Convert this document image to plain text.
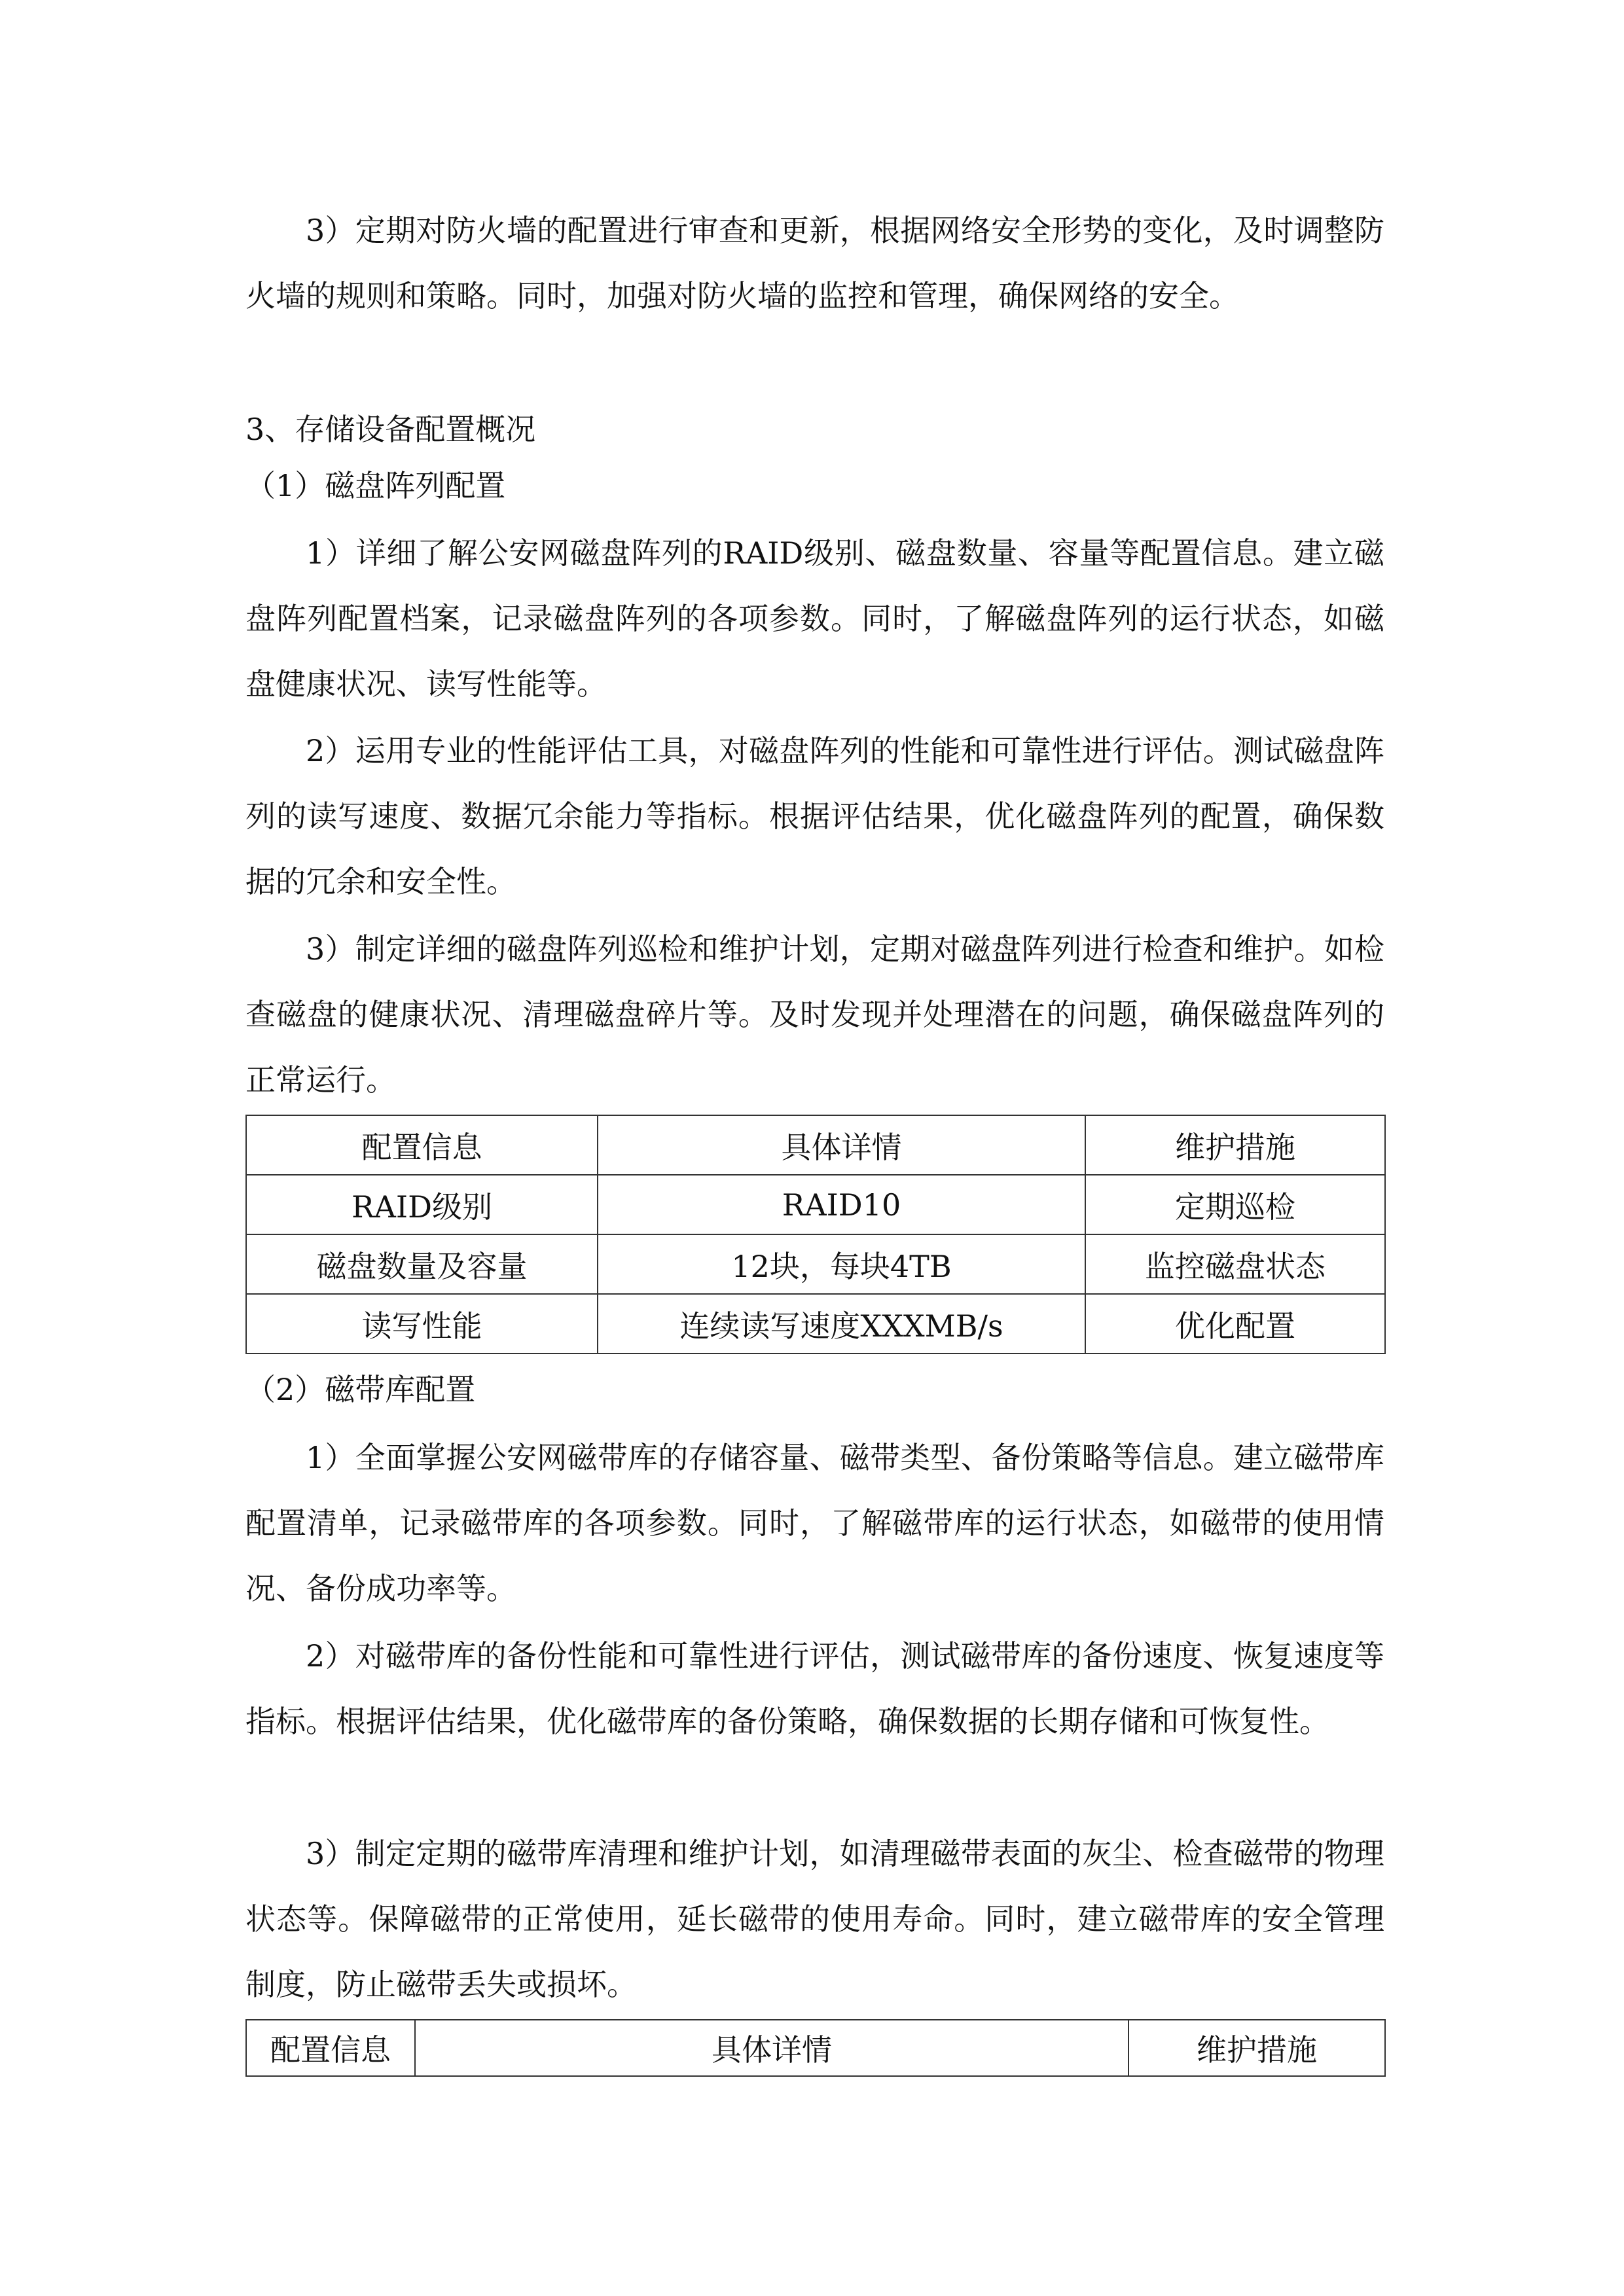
3）定期对防火墙的配置进行审查和更新，根据网络安全形势的变化，及时调整防火墙的规则和策略。同时，加强对防火墙的监控和管理，确保网络的安全。

3、存储设备配置概况

（1）磁盘阵列配置

1）详细了解公安网磁盘阵列的RAID级别、磁盘数量、容量等配置信息。建立磁盘阵列配置档案，记录磁盘阵列的各项参数。同时，了解磁盘阵列的运行状态，如磁盘健康状况、读写性能等。

2）运用专业的性能评估工具，对磁盘阵列的性能和可靠性进行评估。测试磁盘阵列的读写速度、数据冗余能力等指标。根据评估结果，优化磁盘阵列的配置，确保数据的冗余和安全性。

3）制定详细的磁盘阵列巡检和维护计划，定期对磁盘阵列进行检查和维护。如检查磁盘的健康状况、清理磁盘碎片等。及时发现并处理潜在的问题，确保磁盘阵列的正常运行。

配置信息	具体详情	维护措施
RAID级别	RAID10	定期巡检
磁盘数量及容量	12块，每块4TB	监控磁盘状态
读写性能	连续读写速度XXXMB/s	优化配置

（2）磁带库配置

1）全面掌握公安网磁带库的存储容量、磁带类型、备份策略等信息。建立磁带库配置清单，记录磁带库的各项参数。同时，了解磁带库的运行状态，如磁带的使用情况、备份成功率等。

2）对磁带库的备份性能和可靠性进行评估，测试磁带库的备份速度、恢复速度等指标。根据评估结果，优化磁带库的备份策略，确保数据的长期存储和可恢复性。

3）制定定期的磁带库清理和维护计划，如清理磁带表面的灰尘、检查磁带的物理状态等。保障磁带的正常使用，延长磁带的使用寿命。同时，建立磁带库的安全管理制度，防止磁带丢失或损坏。

配置信息	具体详情	维护措施
